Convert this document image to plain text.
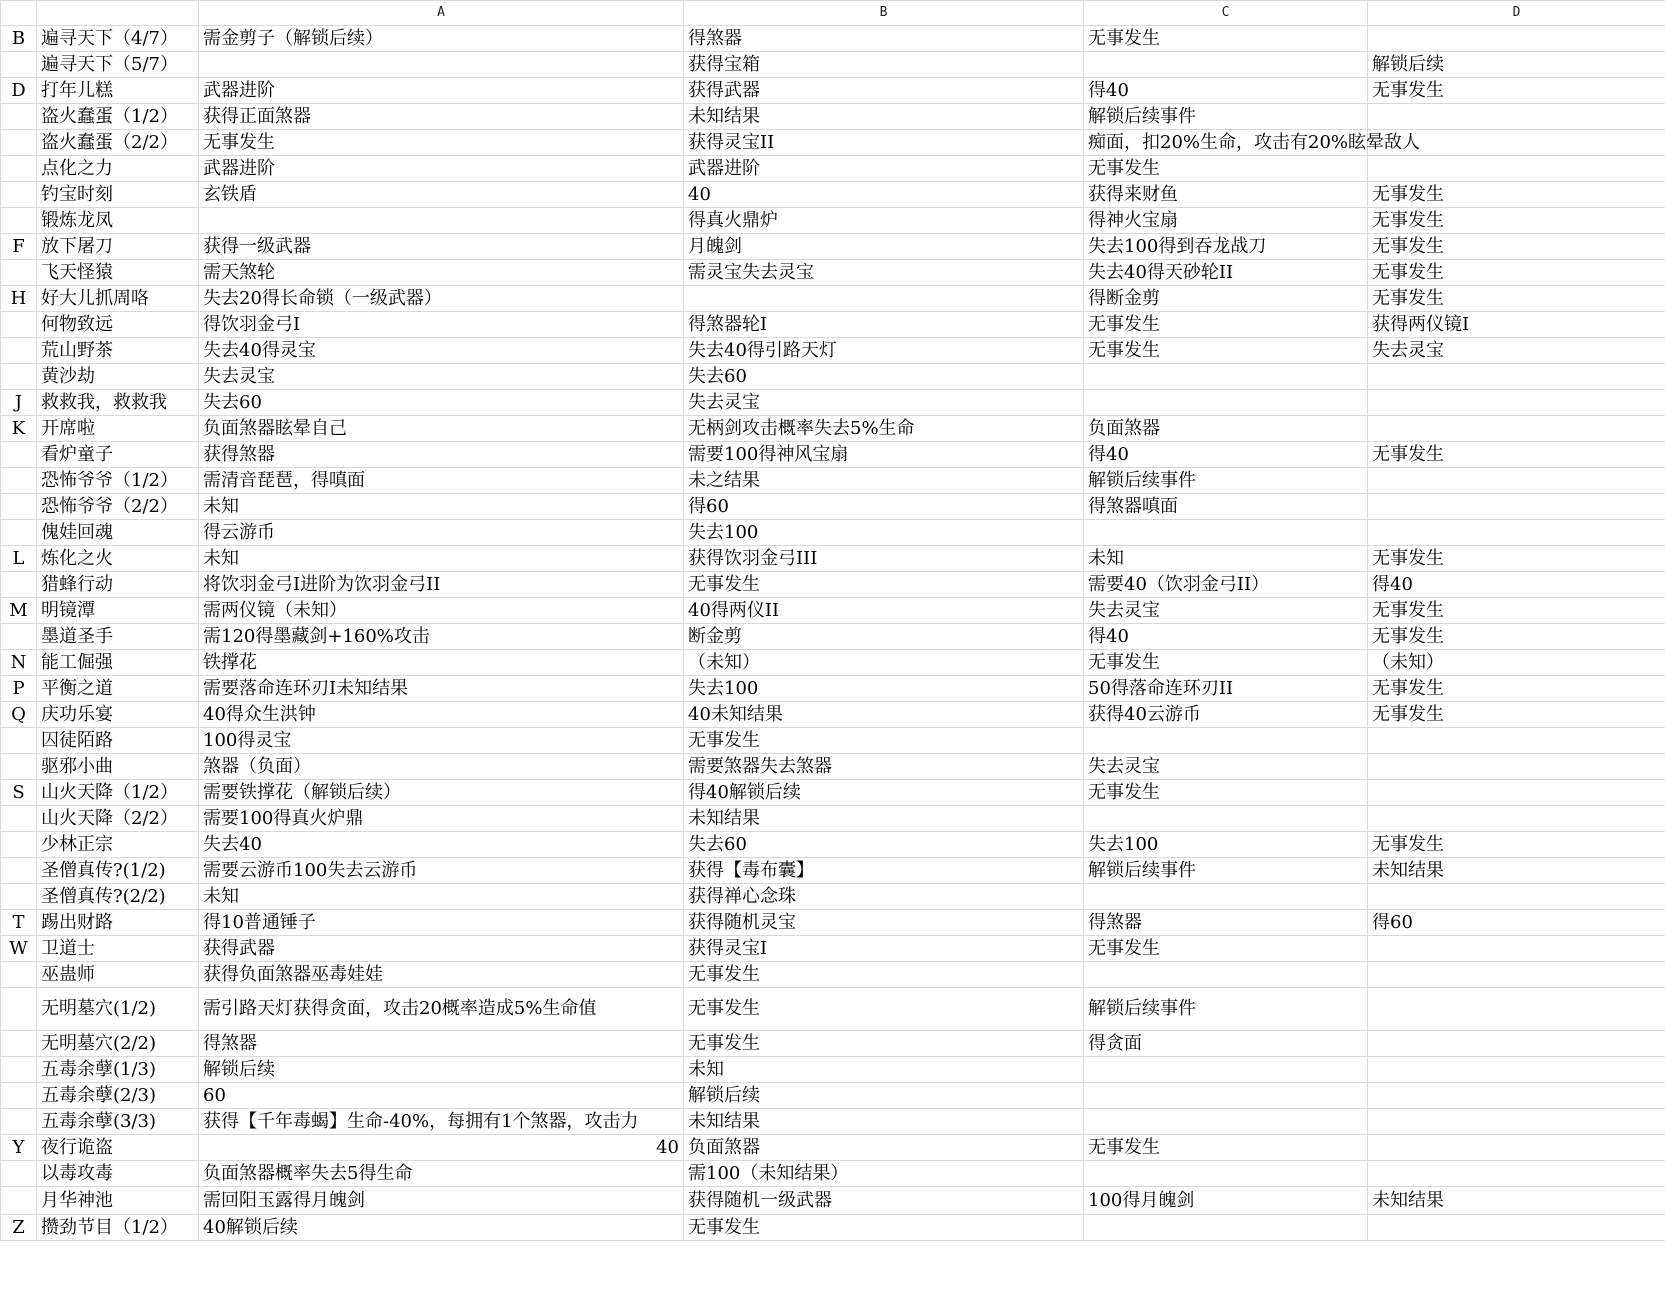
		A	B	C	D
B	遍寻天下（4/7）	需金剪子（解锁后续）	得煞器	无事发生	
	遍寻天下（5/7）		获得宝箱		解锁后续
D	打年儿糕	武器进阶	获得武器	得40	无事发生
	盗火蠢蛋（1/2）	获得正面煞器	未知结果	解锁后续事件	
	盗火蠢蛋（2/2）	无事发生	获得灵宝II	痴面，扣20%生命，攻击有20%眩晕敌人	
	点化之力	武器进阶	武器进阶	无事发生	
	钓宝时刻	玄铁盾	40	获得来财鱼	无事发生
	锻炼龙凤		得真火鼎炉	得神火宝扇	无事发生
F	放下屠刀	获得一级武器	月魄剑	失去100得到吞龙战刀	无事发生
	飞天怪猿	需天煞轮	需灵宝失去灵宝	失去40得天砂轮II	无事发生
H	好大儿抓周咯	失去20得长命锁（一级武器）		得断金剪	无事发生
	何物致远	得饮羽金弓I	得煞器轮I	无事发生	获得两仪镜I
	荒山野茶	失去40得灵宝	失去40得引路天灯	无事发生	失去灵宝
	黄沙劫	失去灵宝	失去60		
J	救救我，救救我	失去60	失去灵宝		
K	开席啦	负面煞器眩晕自己	无柄剑攻击概率失去5%生命	负面煞器	
	看炉童子	获得煞器	需要100得神风宝扇	得40	无事发生
	恐怖爷爷（1/2）	需清音琵琶，得嗔面	未之结果	解锁后续事件	
	恐怖爷爷（2/2）	未知	得60	得煞器嗔面	
	傀娃回魂	得云游币	失去100		
L	炼化之火	未知	获得饮羽金弓III	未知	无事发生
	猎蜂行动	将饮羽金弓I进阶为饮羽金弓II	无事发生	需要40（饮羽金弓II）	得40
M	明镜潭	需两仪镜（未知）	40得两仪II	失去灵宝	无事发生
	墨道圣手	需120得墨藏剑+160%攻击	断金剪	得40	无事发生
N	能工倔强	铁撑花	（未知）	无事发生	（未知）
P	平衡之道	需要落命连环刃I未知结果	失去100	50得落命连环刃II	无事发生
Q	庆功乐宴	40得众生洪钟	40未知结果	获得40云游币	无事发生
	囚徒陌路	100得灵宝	无事发生		
	驱邪小曲	煞器（负面）	需要煞器失去煞器	失去灵宝	
S	山火天降（1/2）	需要铁撑花（解锁后续）	得40解锁后续	无事发生	
	山火天降（2/2）	需要100得真火炉鼎	未知结果		
	少林正宗	失去40	失去60	失去100	无事发生
	圣僧真传?(1/2)	需要云游币100失去云游币	获得【毒布囊】	解锁后续事件	未知结果
	圣僧真传?(2/2)	未知	获得禅心念珠		
T	踢出财路	得10普通锤子	获得随机灵宝	得煞器	得60
W	卫道士	获得武器	获得灵宝I	无事发生	
	巫蛊师	获得负面煞器巫毒娃娃	无事发生		
	无明墓穴(1/2)	需引路天灯获得贪面，攻击20概率造成5%生命值	无事发生	解锁后续事件	
	无明墓穴(2/2)	得煞器	无事发生	得贪面	
	五毒余孽(1/3)	解锁后续	未知		
	五毒余孽(2/3)	60	解锁后续		
	五毒余孽(3/3)	获得【千年毒蝎】生命-40%，每拥有1个煞器，攻击力	未知结果		
Y	夜行诡盗	40	负面煞器	无事发生	
	以毒攻毒	负面煞器概率失去5得生命	需100（未知结果）		
	月华神池	需回阳玉露得月魄剑	获得随机一级武器	100得月魄剑	未知结果
Z	攒劲节目（1/2）	40解锁后续	无事发生		
